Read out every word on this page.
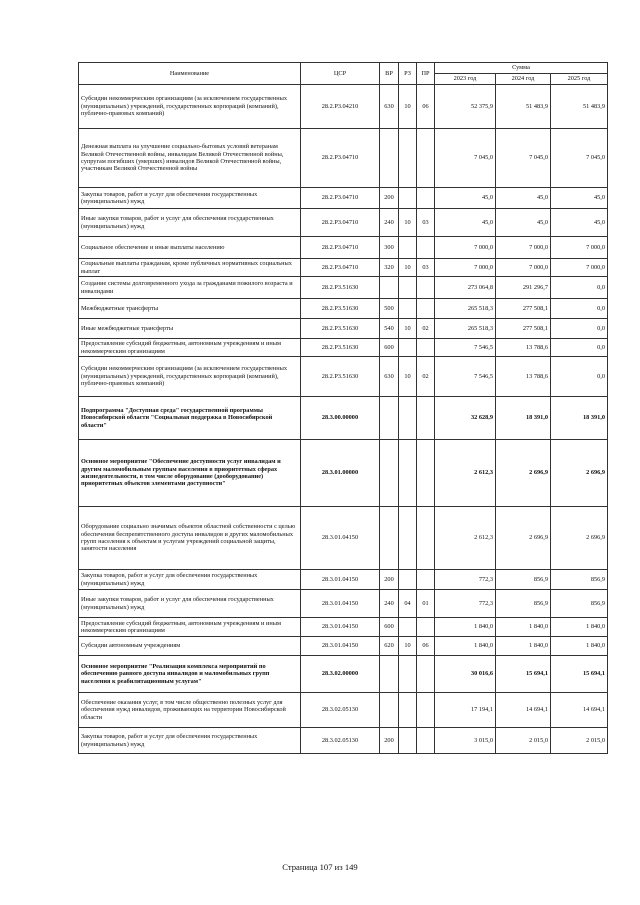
Наименование	ЦСР	ВР	РЗ	ПР	Сумма		
					2023 год	2024 год	2025 год
Субсидии некоммерческим организациям (за исключением государственных (муниципальных) учреждений, государственных корпораций (компаний), публично-правовых компаний)	28.2.Р3.04210	630	10	06	52 375,9	51 483,9	51 483,9
Денежная выплата на улучшение социально-бытовых условий ветеранам Великой Отечественной войны, инвалидам Великой Отечественной войны, супругам погибших (умерших) инвалидов Великой Отечественной войны, участникам Великой Отечественной войны	28.2.Р3.04710				7 045,0	7 045,0	7 045,0
Закупка товаров, работ и услуг для обеспечения государственных (муниципальных) нужд	28.2.Р3.04710	200			45,0	45,0	45,0
Иные закупки товаров, работ и услуг для обеспечения государственных (муниципальных) нужд	28.2.Р3.04710	240	10	03	45,0	45,0	45,0
Социальное обеспечение и иные выплаты населению	28.2.Р3.04710	300			7 000,0	7 000,0	7 000,0
Социальные выплаты гражданам, кроме публичных нормативных социальных выплат	28.2.Р3.04710	320	10	03	7 000,0	7 000,0	7 000,0
Создание системы долговременного ухода за гражданами пожилого возраста и инвалидами	28.2.Р3.51630				273 064,8	291 296,7	0,0
Межбюджетные трансферты	28.2.Р3.51630	500			265 518,3	277 508,1	0,0
Иные межбюджетные трансферты	28.2.Р3.51630	540	10	02	265 518,3	277 508,1	0,0
Предоставление субсидий бюджетным, автономным учреждениям и иным некоммерческим организациям	28.2.Р3.51630	600			7 546,5	13 788,6	0,0
Субсидии некоммерческим организациям (за исключением государственных (муниципальных) учреждений, государственных корпораций (компаний), публично-правовых компаний)	28.2.Р3.51630	630	10	02	7 546,5	13 788,6	0,0
Подпрограмма "Доступная среда" государственной программы Новосибирской области "Социальная поддержка в Новосибирской области"	28.3.00.00000				32 628,9	18 391,0	18 391,0
Основное мероприятие "Обеспечение доступности услуг инвалидам и другим маломобильным группам населения в приоритетных сферах жизнедеятельности, в том числе оборудование (дооборудование) приоритетных объектов элементами доступности"	28.3.01.00000				2 612,3	2 696,9	2 696,9
Оборудование социально значимых объектов областной собственности с целью обеспечения беспрепятственного доступа инвалидов и других маломобильных групп населения к объектам и услугам учреждений социальной защиты, занятости населения	28.3.01.04150				2 612,3	2 696,9	2 696,9
Закупка товаров, работ и услуг для обеспечения государственных (муниципальных) нужд	28.3.01.04150	200			772,3	856,9	856,9
Иные закупки товаров, работ и услуг для обеспечения государственных (муниципальных) нужд	28.3.01.04150	240	04	01	772,3	856,9	856,9
Предоставление субсидий бюджетным, автономным учреждениям и иным некоммерческим организациям	28.3.01.04150	600			1 840,0	1 840,0	1 840,0
Субсидии автономным учреждениям	28.3.01.04150	620	10	06	1 840,0	1 840,0	1 840,0
Основное мероприятие "Реализация комплекса мероприятий по обеспечению равного доступа инвалидов и маломобильных групп населения к реабилитационным услугам"	28.3.02.00000				30 016,6	15 694,1	15 694,1
Обеспечение оказания услуг, в том числе общественно полезных услуг для обеспечения нужд инвалидов, проживающих на территории Новосибирской области	28.3.02.05130				17 194,1	14 694,1	14 694,1
Закупка товаров, работ и услуг для обеспечения государственных (муниципальных) нужд	28.3.02.05130	200			3 015,0	2 015,0	2 015,0
Страница 107 из 149
